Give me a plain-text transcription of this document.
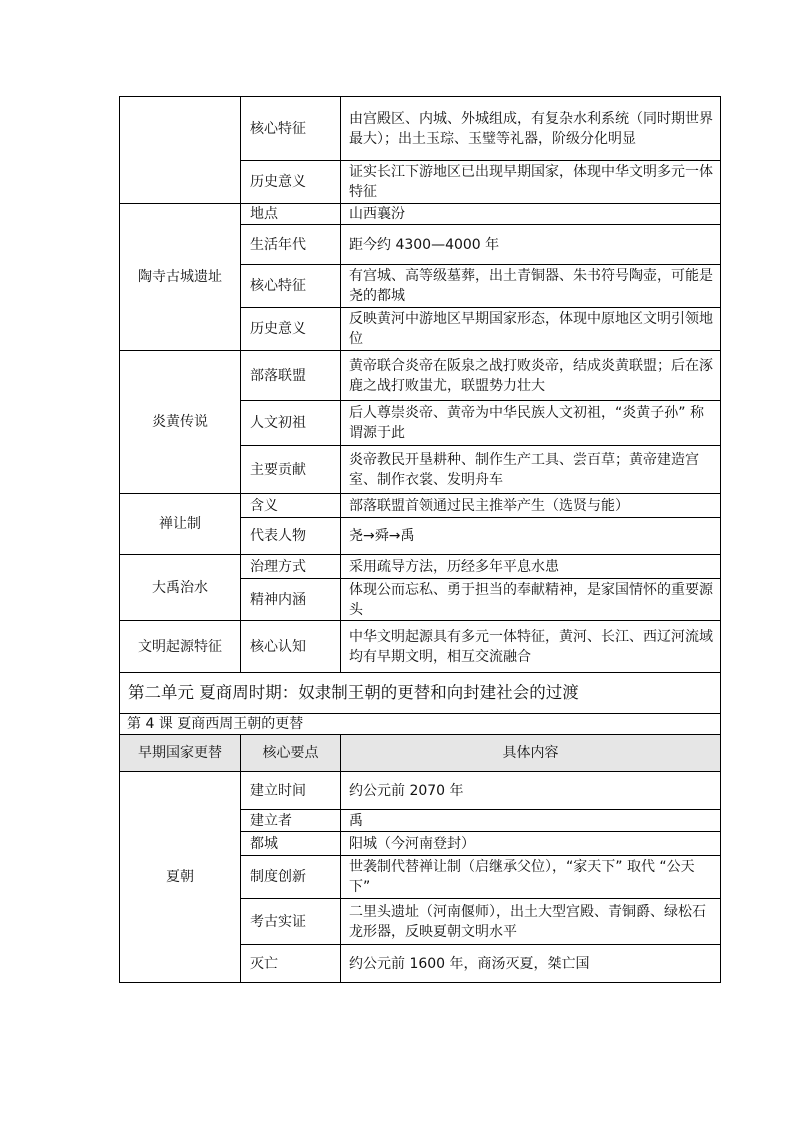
	核心特征	由宫殿区、内城、外城组成，有复杂水利系统（同时期世界最大）；出土玉琮、玉璧等礼器，阶级分化明显
	历史意义	证实长江下游地区已出现早期国家，体现中华文明多元一体特征
陶寺古城遗址	地点	山西襄汾
	生活年代	距今约 4300—4000 年
	核心特征	有宫城、高等级墓葬，出土青铜器、朱书符号陶壶，可能是尧的都城
	历史意义	反映黄河中游地区早期国家形态，体现中原地区文明引领地位
炎黄传说	部落联盟	黄帝联合炎帝在阪泉之战打败炎帝，结成炎黄联盟；后在涿鹿之战打败蚩尤，联盟势力壮大
	人文初祖	后人尊崇炎帝、黄帝为中华民族人文初祖，“炎黄子孙” 称谓源于此
	主要贡献	炎帝教民开垦耕种、制作生产工具、尝百草；黄帝建造宫室、制作衣裳、发明舟车
禅让制	含义	部落联盟首领通过民主推举产生（选贤与能）
	代表人物	尧→舜→禹
大禹治水	治理方式	采用疏导方法，历经多年平息水患
	精神内涵	体现公而忘私、勇于担当的奉献精神，是家国情怀的重要源头
文明起源特征	核心认知	中华文明起源具有多元一体特征，黄河、长江、西辽河流域均有早期文明，相互交流融合
第二单元 夏商周时期：奴隶制王朝的更替和向封建社会的过渡		
第 4 课 夏商西周王朝的更替		
早期国家更替	核心要点	具体内容
夏朝	建立时间	约公元前 2070 年
	建立者	禹
	都城	阳城（今河南登封）
	制度创新	世袭制代替禅让制（启继承父位），“家天下” 取代 “公天下”
	考古实证	二里头遗址（河南偃师），出土大型宫殿、青铜爵、绿松石龙形器，反映夏朝文明水平
	灭亡	约公元前 1600 年，商汤灭夏，桀亡国
